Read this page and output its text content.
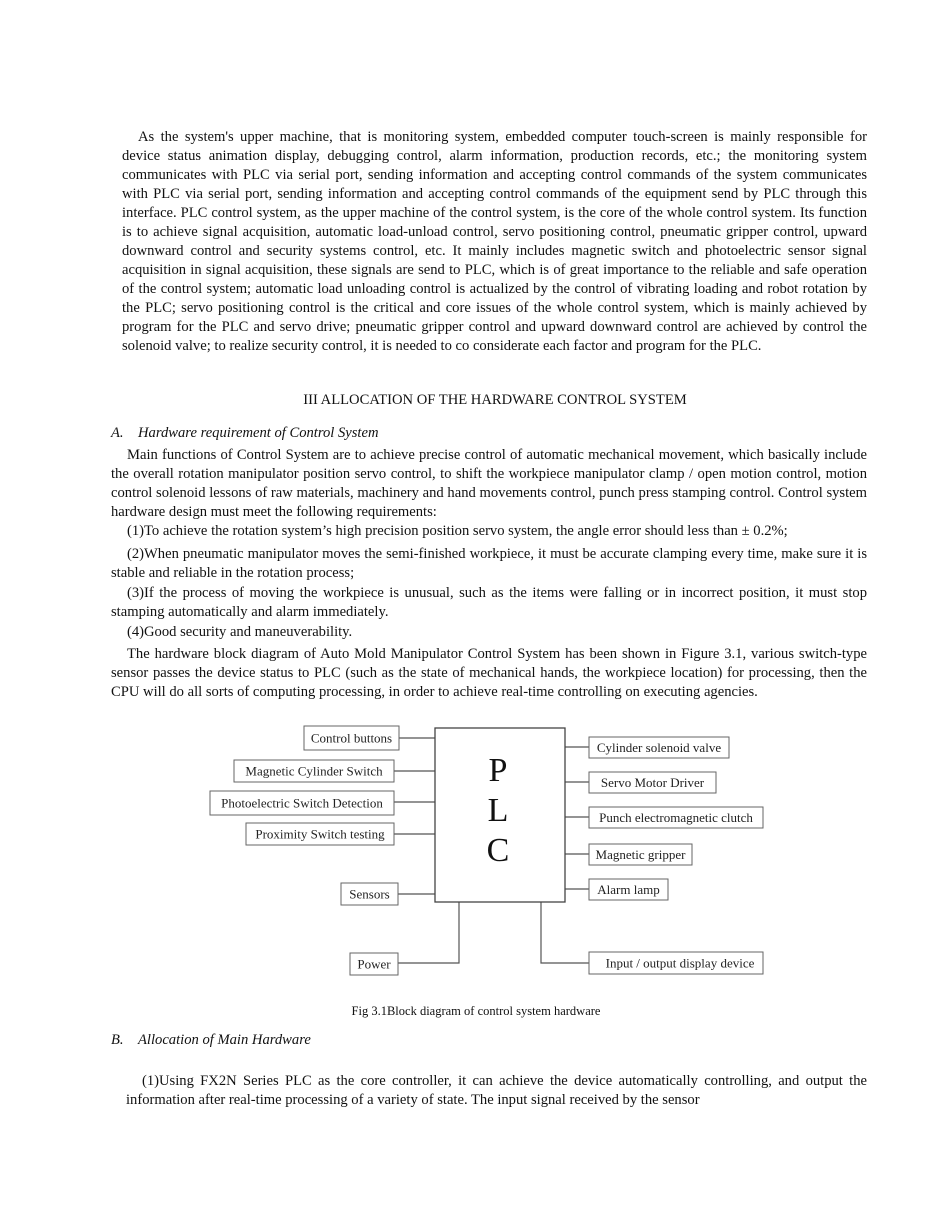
As the system's upper machine, that is monitoring system, embedded computer touch-screen is mainly responsible for device status animation display, debugging control, alarm information, production records, etc.; the monitoring system communicates with PLC via serial port, sending information and accepting control commands of the system communicates with PLC via serial port, sending information and accepting control commands of the equipment send by PLC through this interface. PLC control system, as the upper machine of the control system, is the core of the whole control system. Its function is to achieve signal acquisition, automatic load-unload control, servo positioning control, pneumatic gripper control, upward downward control and security systems control, etc. It mainly includes magnetic switch and photoelectric sensor signal acquisition in signal acquisition, these signals are send to PLC, which is of great importance to the reliable and safe operation of the control system; automatic load unloading control is actualized by the control of vibrating loading and robot rotation by the PLC; servo positioning control is the critical and core issues of the whole control system, which is mainly achieved by program for the PLC and servo drive; pneumatic gripper control and upward downward control are achieved by control the solenoid valve; to realize security control, it is needed to co considerate each factor and program for the PLC.

III ALLOCATION OF THE HARDWARE CONTROL SYSTEM

A. Hardware requirement of Control System

Main functions of Control System are to achieve precise control of automatic mechanical movement, which basically include the overall rotation manipulator position servo control, to shift the workpiece manipulator clamp / open motion control, motion control solenoid lessons of raw materials, machinery and hand movements control, punch press stamping control. Control system hardware design must meet the following requirements:

(1)To achieve the rotation system’s high precision position servo system, the angle error should less than ± 0.2%;

(2)When pneumatic manipulator moves the semi-finished workpiece, it must be accurate clamping every time, make sure it is stable and reliable in the rotation process;

(3)If the process of moving the workpiece is unusual, such as the items were falling or in incorrect position, it must stop stamping automatically and alarm immediately.

(4)Good security and maneuverability.

The hardware block diagram of Auto Mold Manipulator Control System has been shown in Figure 3.1, various switch-type sensor passes the device status to PLC (such as the state of mechanical hands, the workpiece location) for processing, then the CPU will do all sorts of computing processing, in order to achieve real-time controlling on executing agencies.

P
L
C
Control buttons
Magnetic Cylinder Switch
Photoelectric Switch Detection
Proximity Switch testing
Sensors
Power
Cylinder solenoid valve
Servo Motor Driver
Punch electromagnetic clutch
Magnetic gripper
Alarm lamp
Input / output display device

Fig 3.1Block diagram of control system hardware

B. Allocation of Main Hardware

(1)Using FX2N Series PLC as the core controller, it can achieve the device automatically controlling, and output the information after real-time processing of a variety of state. The input signal received by the sensor
